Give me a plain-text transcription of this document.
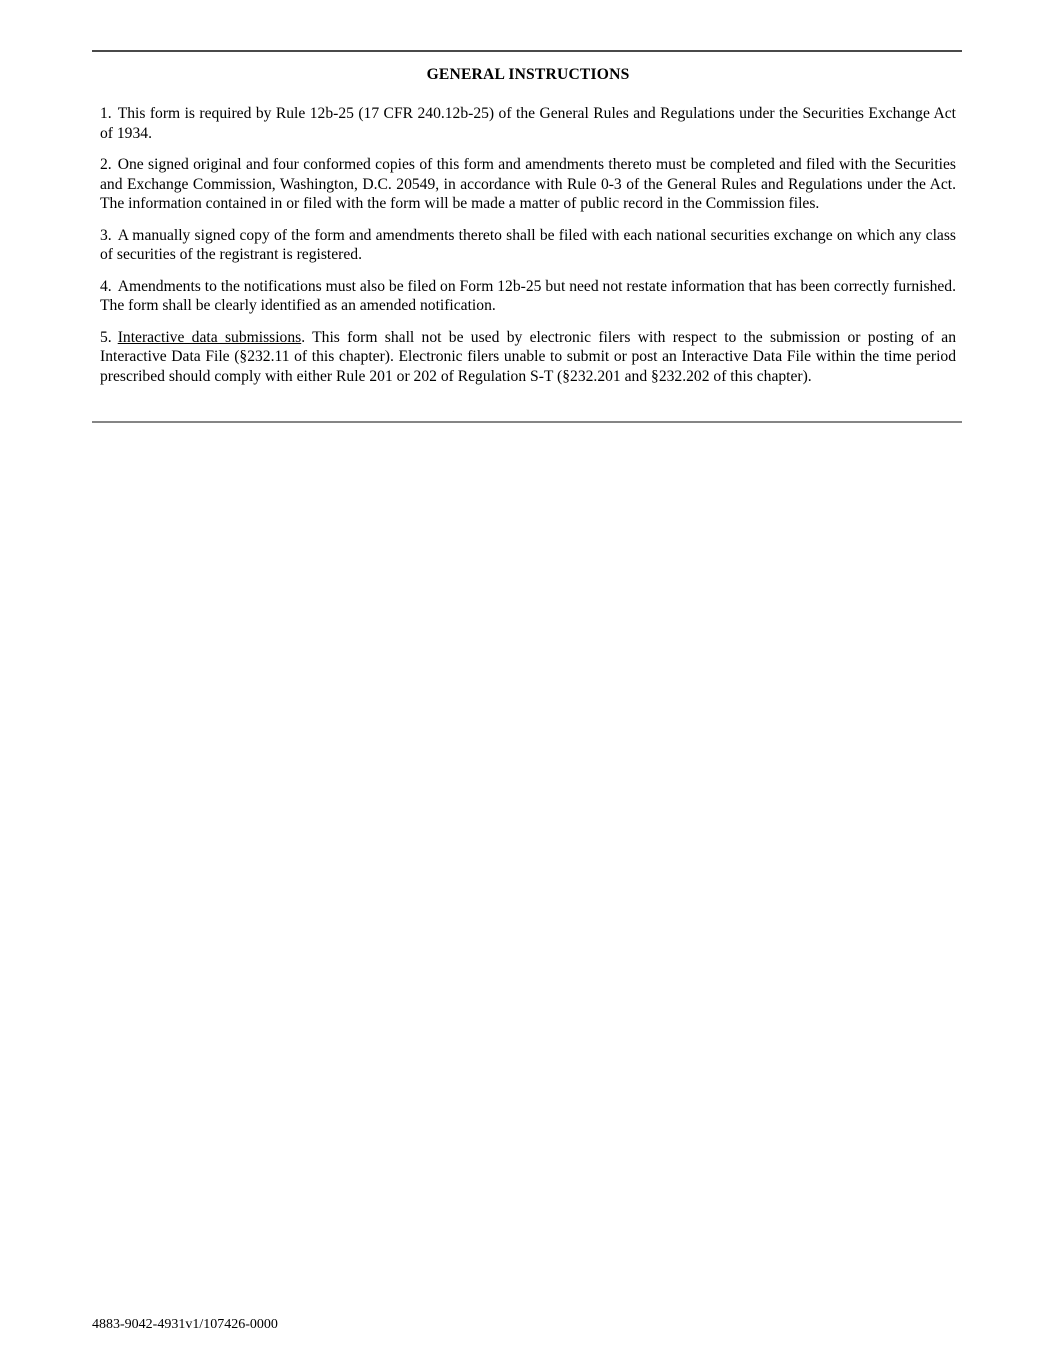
GENERAL INSTRUCTIONS

1. This form is required by Rule 12b-25 (17 CFR 240.12b-25) of the General Rules and Regulations under the Securities Exchange Act of 1934.

2. One signed original and four conformed copies of this form and amendments thereto must be completed and filed with the Securities and Exchange Commission, Washington, D.C. 20549, in accordance with Rule 0-3 of the General Rules and Regulations under the Act. The information contained in or filed with the form will be made a matter of public record in the Commission files.

3. A manually signed copy of the form and amendments thereto shall be filed with each national securities exchange on which any class of securities of the registrant is registered.

4. Amendments to the notifications must also be filed on Form 12b-25 but need not restate information that has been correctly furnished. The form shall be clearly identified as an amended notification.

5. Interactive data submissions. This form shall not be used by electronic filers with respect to the submission or posting of an Interactive Data File (§232.11 of this chapter). Electronic filers unable to submit or post an Interactive Data File within the time period prescribed should comply with either Rule 201 or 202 of Regulation S-T (§232.201 and §232.202 of this chapter).

4883-9042-4931v1/107426-0000
